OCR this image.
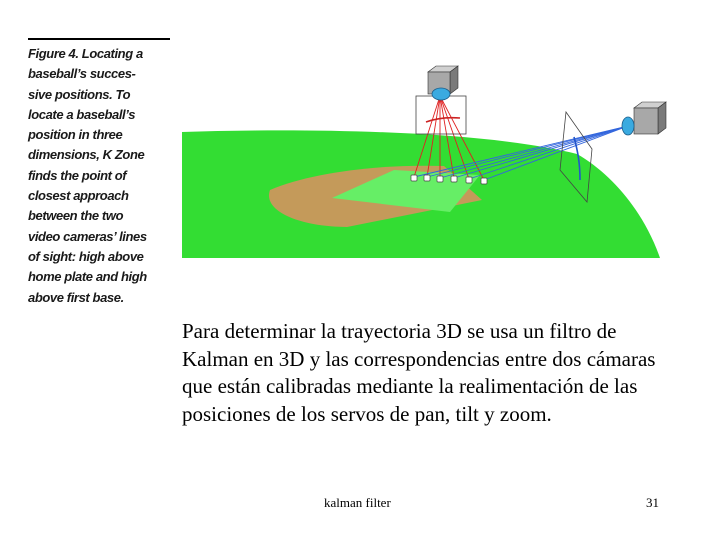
Figure 4. Locating a
baseball’s succes-
sive positions. To
locate a baseball’s
position in three
dimensions, K Zone
finds the point of
closest approach
between the two
video cameras’ lines
of sight: high above
home plate and high
above first base.
Para determinar la trayectoria 3D se usa un filtro de Kalman en 3D y las correspondencias entre dos cámaras que están calibradas mediante la realimentación de las posiciones de los servos de pan, tilt y zoom.
kalman filter	31
